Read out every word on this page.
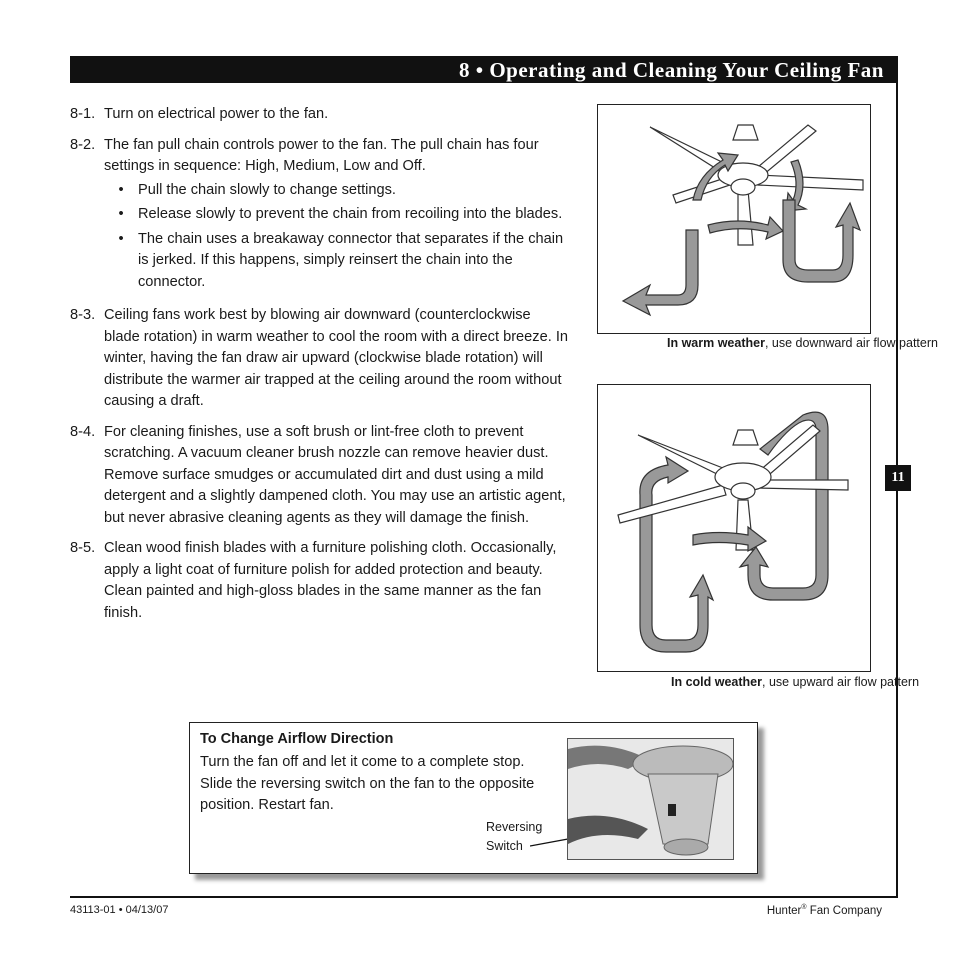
8 • Operating and Cleaning Your Ceiling Fan
11
8-1. Turn on electrical power to the fan.
8-2. The fan pull chain controls power to the fan. The pull chain has four settings in sequence: High, Medium, Low and Off.
• Pull the chain slowly to change settings.
• Release slowly to prevent the chain from recoiling into the blades.
• The chain uses a breakaway connector that separates if the chain is jerked. If this happens, simply reinsert the chain into the connector.
8-3. Ceiling fans work best by blowing air downward (counterclockwise blade rotation) in warm weather to cool the room with a direct breeze. In winter, having the fan draw air upward (clockwise blade rotation) will distribute the warmer air trapped at the ceiling around the room without causing a draft.
8-4. For cleaning finishes, use a soft brush or lint-free cloth to prevent scratching. A vacuum cleaner brush nozzle can remove heavier dust. Remove surface smudges or accumulated dirt and dust using a mild detergent and a slightly dampened cloth. You may use an artistic agent, but never abrasive cleaning agents as they will damage the finish.
8-5. Clean wood finish blades with a furniture polishing cloth. Occasionally, apply a light coat of furniture polish for added protection and beauty. Clean painted and high-gloss blades in the same manner as the fan finish.
In warm weather, use downward air flow pattern
In cold weather, use upward air flow pattern
To Change Airflow Direction
Turn the fan off and let it come to a complete stop. Slide the reversing switch on the fan to the opposite position. Restart fan.
Reversing
Switch
43113-01 • 04/13/07	Hunter® Fan Company
